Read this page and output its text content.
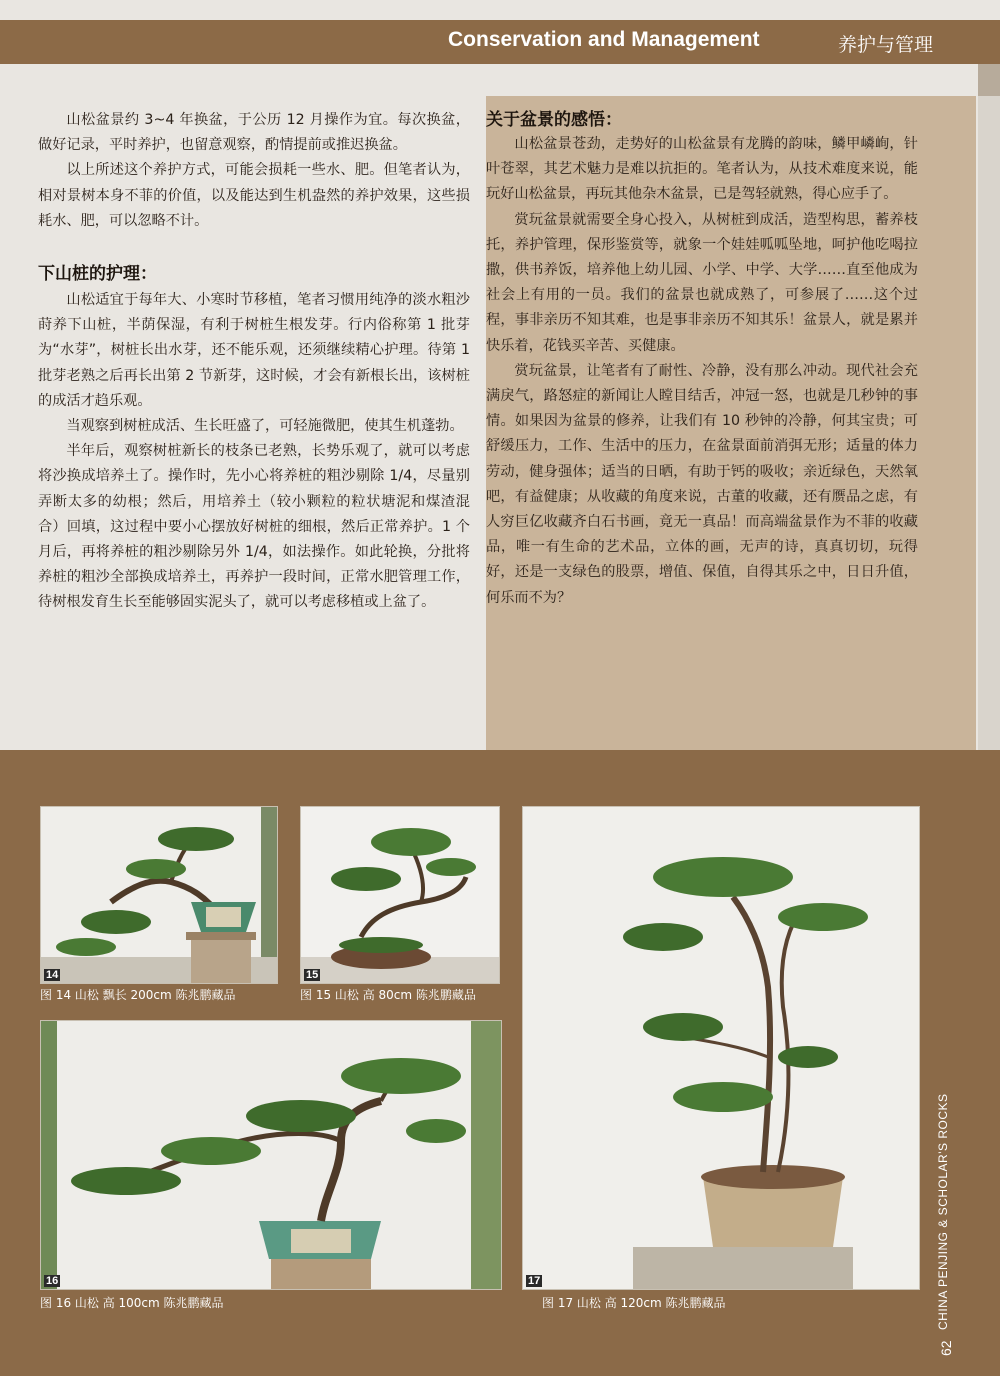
Conservation and Management	养护与管理

山松盆景约 3~4 年换盆，于公历 12 月操作为宜。每次换盆，做好记录，平时养护，也留意观察，酌情提前或推迟换盆。

以上所述这个养护方式，可能会损耗一些水、肥。但笔者认为，相对景树本身不菲的价值，以及能达到生机盎然的养护效果，这些损耗水、肥，可以忽略不计。

下山桩的护理：

山松适宜于每年大、小寒时节移植，笔者习惯用纯净的淡水粗沙莳养下山桩，半荫保湿，有利于树桩生根发芽。行内俗称第 1 批芽为“水芽”，树桩长出水芽，还不能乐观，还须继续精心护理。待第 1 批芽老熟之后再长出第 2 节新芽，这时候，才会有新根长出，该树桩的成活才趋乐观。

当观察到树桩成活、生长旺盛了，可轻施微肥，使其生机蓬勃。

半年后，观察树桩新长的枝条已老熟，长势乐观了，就可以考虑将沙换成培养土了。操作时，先小心将养桩的粗沙剔除 1/4，尽量别弄断太多的幼根；然后，用培养土（较小颗粒的粒状塘泥和煤渣混合）回填，这过程中要小心摆放好树桩的细根，然后正常养护。1 个月后，再将养桩的粗沙剔除另外 1/4，如法操作。如此轮换，分批将养桩的粗沙全部换成培养土，再养护一段时间，正常水肥管理工作，待树根发育生长至能够固实泥头了，就可以考虑移植或上盆了。

关于盆景的感悟：

山松盆景苍劲，走势好的山松盆景有龙腾的韵味，鳞甲嶙峋，针叶苍翠，其艺术魅力是难以抗拒的。笔者认为，从技术难度来说，能玩好山松盆景，再玩其他杂木盆景，已是驾轻就熟，得心应手了。

赏玩盆景就需要全身心投入，从树桩到成活，造型构思，蓄养枝托，养护管理，保形鉴赏等，就象一个娃娃呱呱坠地，呵护他吃喝拉撒，供书养饭，培养他上幼儿园、小学、中学、大学……直至他成为社会上有用的一员。我们的盆景也就成熟了，可参展了……这个过程，事非亲历不知其难，也是事非亲历不知其乐！盆景人，就是累并快乐着，花钱买辛苦、买健康。

赏玩盆景，让笔者有了耐性、冷静，没有那么冲动。现代社会充满戾气，路怒症的新闻让人瞠目结舌，冲冠一怒，也就是几秒钟的事情。如果因为盆景的修养，让我们有 10 秒钟的冷静，何其宝贵；可舒缓压力，工作、生活中的压力，在盆景面前消弭无形；适量的体力劳动，健身强体；适当的日晒，有助于钙的吸收；亲近绿色，天然氧吧，有益健康；从收藏的角度来说，古董的收藏，还有赝品之虑，有人穷巨亿收藏齐白石书画，竟无一真品！而高端盆景作为不菲的收藏品，唯一有生命的艺术品，立体的画，无声的诗，真真切切，玩得好，还是一支绿色的股票，增值、保值，自得其乐之中，日日升值，何乐而不为？

14
图 14 山松 飘长 200cm 陈兆鹏藏品
15
图 15 山松 高 80cm 陈兆鹏藏品
16
图 16 山松 高 100cm 陈兆鹏藏品
17
图 17 山松 高 120cm 陈兆鹏藏品	CHINA PENJING & SCHOLAR'S ROCKS
62
